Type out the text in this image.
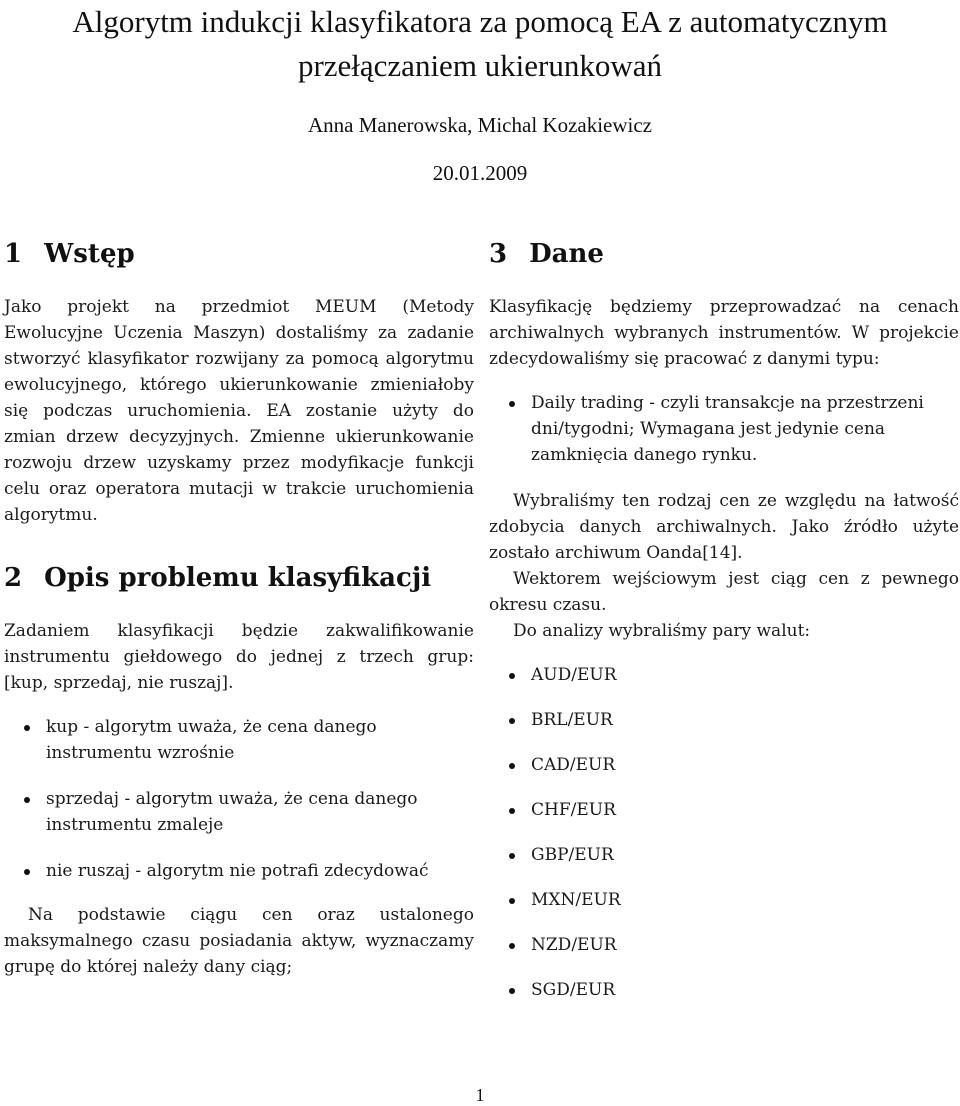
Algorytm indukcji klasyfikatora za pomocą EA z automatycznym
przełączaniem ukierunkowań
Anna Manerowska, Michal Kozakiewicz
20.01.2009
1 Wstęp

Jako projekt na przedmiot MEUM (Metody Ewolucyjne Uczenia Maszyn) dostaliśmy za zadanie stworzyć klasyfikator rozwijany za pomocą algorytmu ewolucyjnego, którego ukierunkowanie zmieniałoby się podczas uruchomienia. EA zostanie użyty do zmian drzew decyzyjnych. Zmienne ukierunkowanie rozwoju drzew uzyskamy przez modyfikacje funkcji celu oraz operatora mutacji w trakcie uruchomienia algorytmu.

2 Opis problemu klasyfikacji

Zadaniem klasyfikacji będzie zakwalifikowanie instrumentu giełdowego do jednej z trzech grup: [kup, sprzedaj, nie ruszaj].

kup - algorytm uważa, że cena danego instrumentu wzrośnie
sprzedaj - algorytm uważa, że cena danego instrumentu zmaleje
nie ruszaj - algorytm nie potrafi zdecydować

Na podstawie ciągu cen oraz ustalonego maksymalnego czasu posiadania aktyw, wyznaczamy grupę do której należy dany ciąg;

3 Dane

Klasyfikację będziemy przeprowadzać na cenach archiwalnych wybranych instrumentów. W projekcie zdecydowaliśmy się pracować z danymi typu:

Daily trading - czyli transakcje na przestrzeni dni/tygodni; Wymagana jest jedynie cena zamknięcia danego rynku.

Wybraliśmy ten rodzaj cen ze względu na łatwość zdobycia danych archiwalnych. Jako źródło użyte zostało archiwum Oanda[14].

Wektorem wejściowym jest ciąg cen z pewnego okresu czasu.

Do analizy wybraliśmy pary walut:

AUD/EUR
BRL/EUR
CAD/EUR
CHF/EUR
GBP/EUR
MXN/EUR
NZD/EUR
SGD/EUR
1
